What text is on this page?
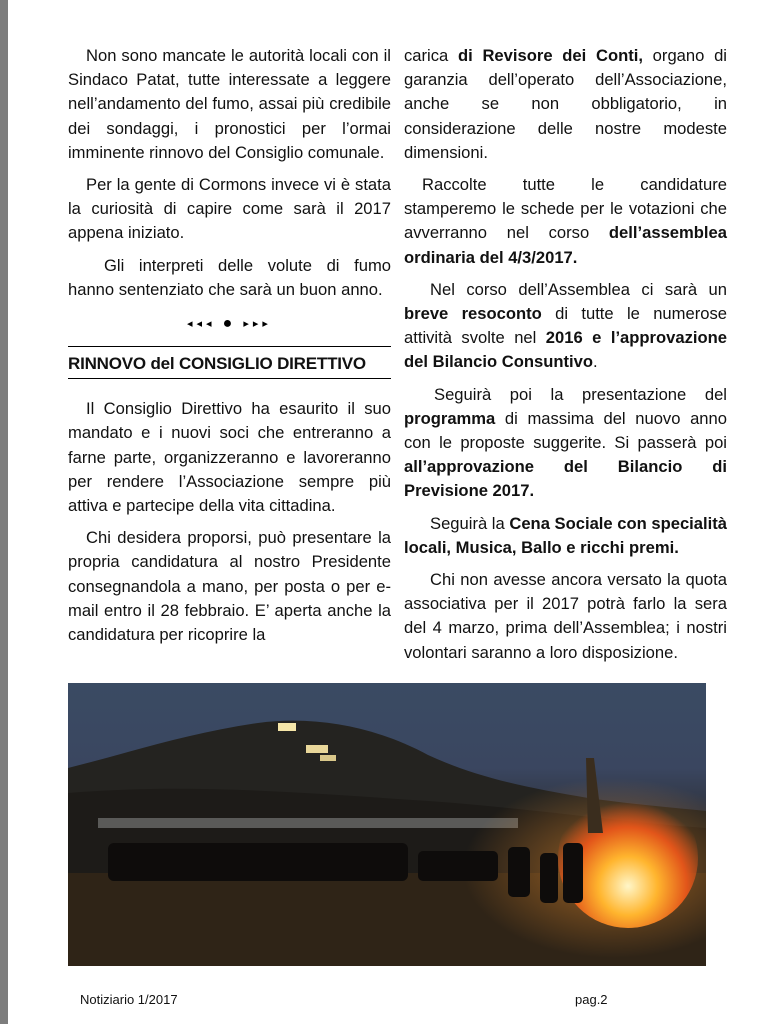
Non sono mancate le autorità locali con il Sindaco Patat, tutte interessate a leggere nell’andamento del fumo, assai più credibile dei sondaggi, i pronostici per l’ormai imminente rinnovo del Consiglio comunale.

Per la gente di Cormons invece vi è stata la curiosità di capire come sarà il 2017 appena iniziato.

Gli interpreti delle volute di fumo hanno sentenziato che sarà un buon anno.

◂◂◂ ● ▸▸▸
RINNOVO del CONSIGLIO DIRETTIVO

Il Consiglio Direttivo ha esaurito il suo mandato e i nuovi soci che entreranno a farne parte, organizzeranno e lavoreranno per rendere l’Associazione sempre più attiva e partecipe della vita cittadina.

Chi desidera proporsi, può presentare la propria candidatura al nostro Presidente consegnandola a mano, per posta o per e-mail entro il 28 febbraio. E’ aperta anche la candidatura per ricoprire la

carica di Revisore dei Conti, organo di garanzia dell’operato dell’Associazione, anche se non obbligatorio, in considerazione delle nostre modeste dimensioni.

Raccolte tutte le candidature stamperemo le schede per le votazioni che avverranno nel corso dell’assemblea ordinaria del 4/3/2017.

Nel corso dell’Assemblea ci sarà un breve resoconto di tutte le numerose attività svolte nel 2016 e l’approvazione del Bilancio Consuntivo.

Seguirà poi la presentazione del programma di massima del nuovo anno con le proposte suggerite. Si passerà poi all’approvazione del Bilancio di Previsione 2017.

Seguirà la Cena Sociale con specialità locali, Musica, Ballo e ricchi premi.

Chi non avesse ancora versato la quota associativa per il 2017 potrà farlo la sera del 4 marzo, prima dell’Assemblea; i nostri volontari saranno a loro disposizione.

Notiziario 1/2017	pag.2
